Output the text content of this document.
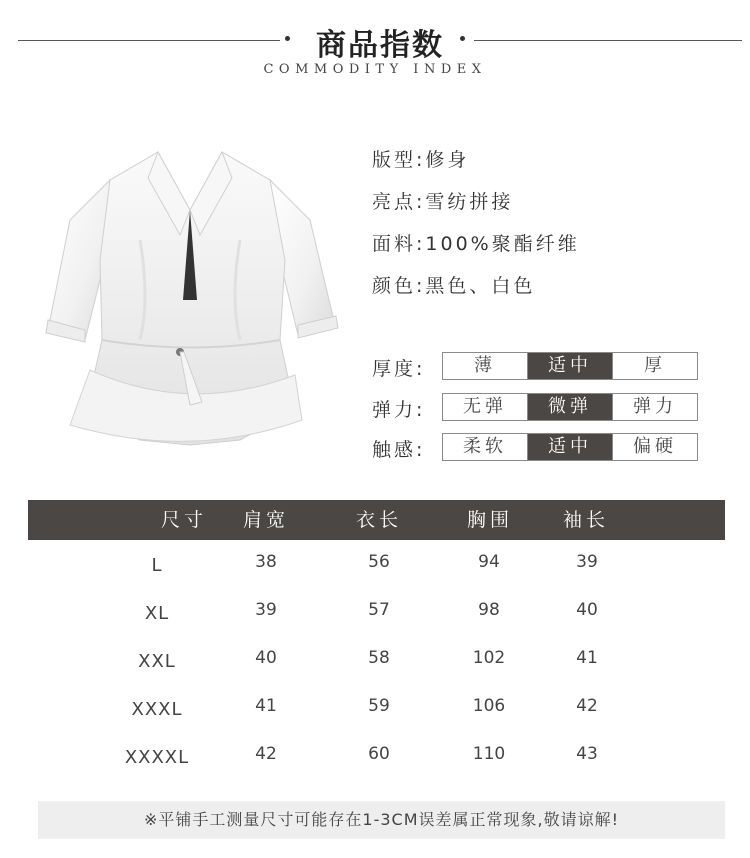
商品指数
COMMODITY INDEX
版型:修身
亮点:雪纺拼接
面料:100%聚酯纤维
颜色:黑色、白色
厚度:	薄	适中	厚
弹力:	无弹	微弹	弹力
触感:	柔软	适中	偏硬
尺寸	肩宽	衣长	胸围	袖长
L	38	56	94	39
XL	39	57	98	40
XXL	40	58	102	41
XXXL	41	59	106	42
XXXXL	42	60	110	43
※平铺手工测量尺寸可能存在1-3CM误差属正常现象,敬请谅解!
